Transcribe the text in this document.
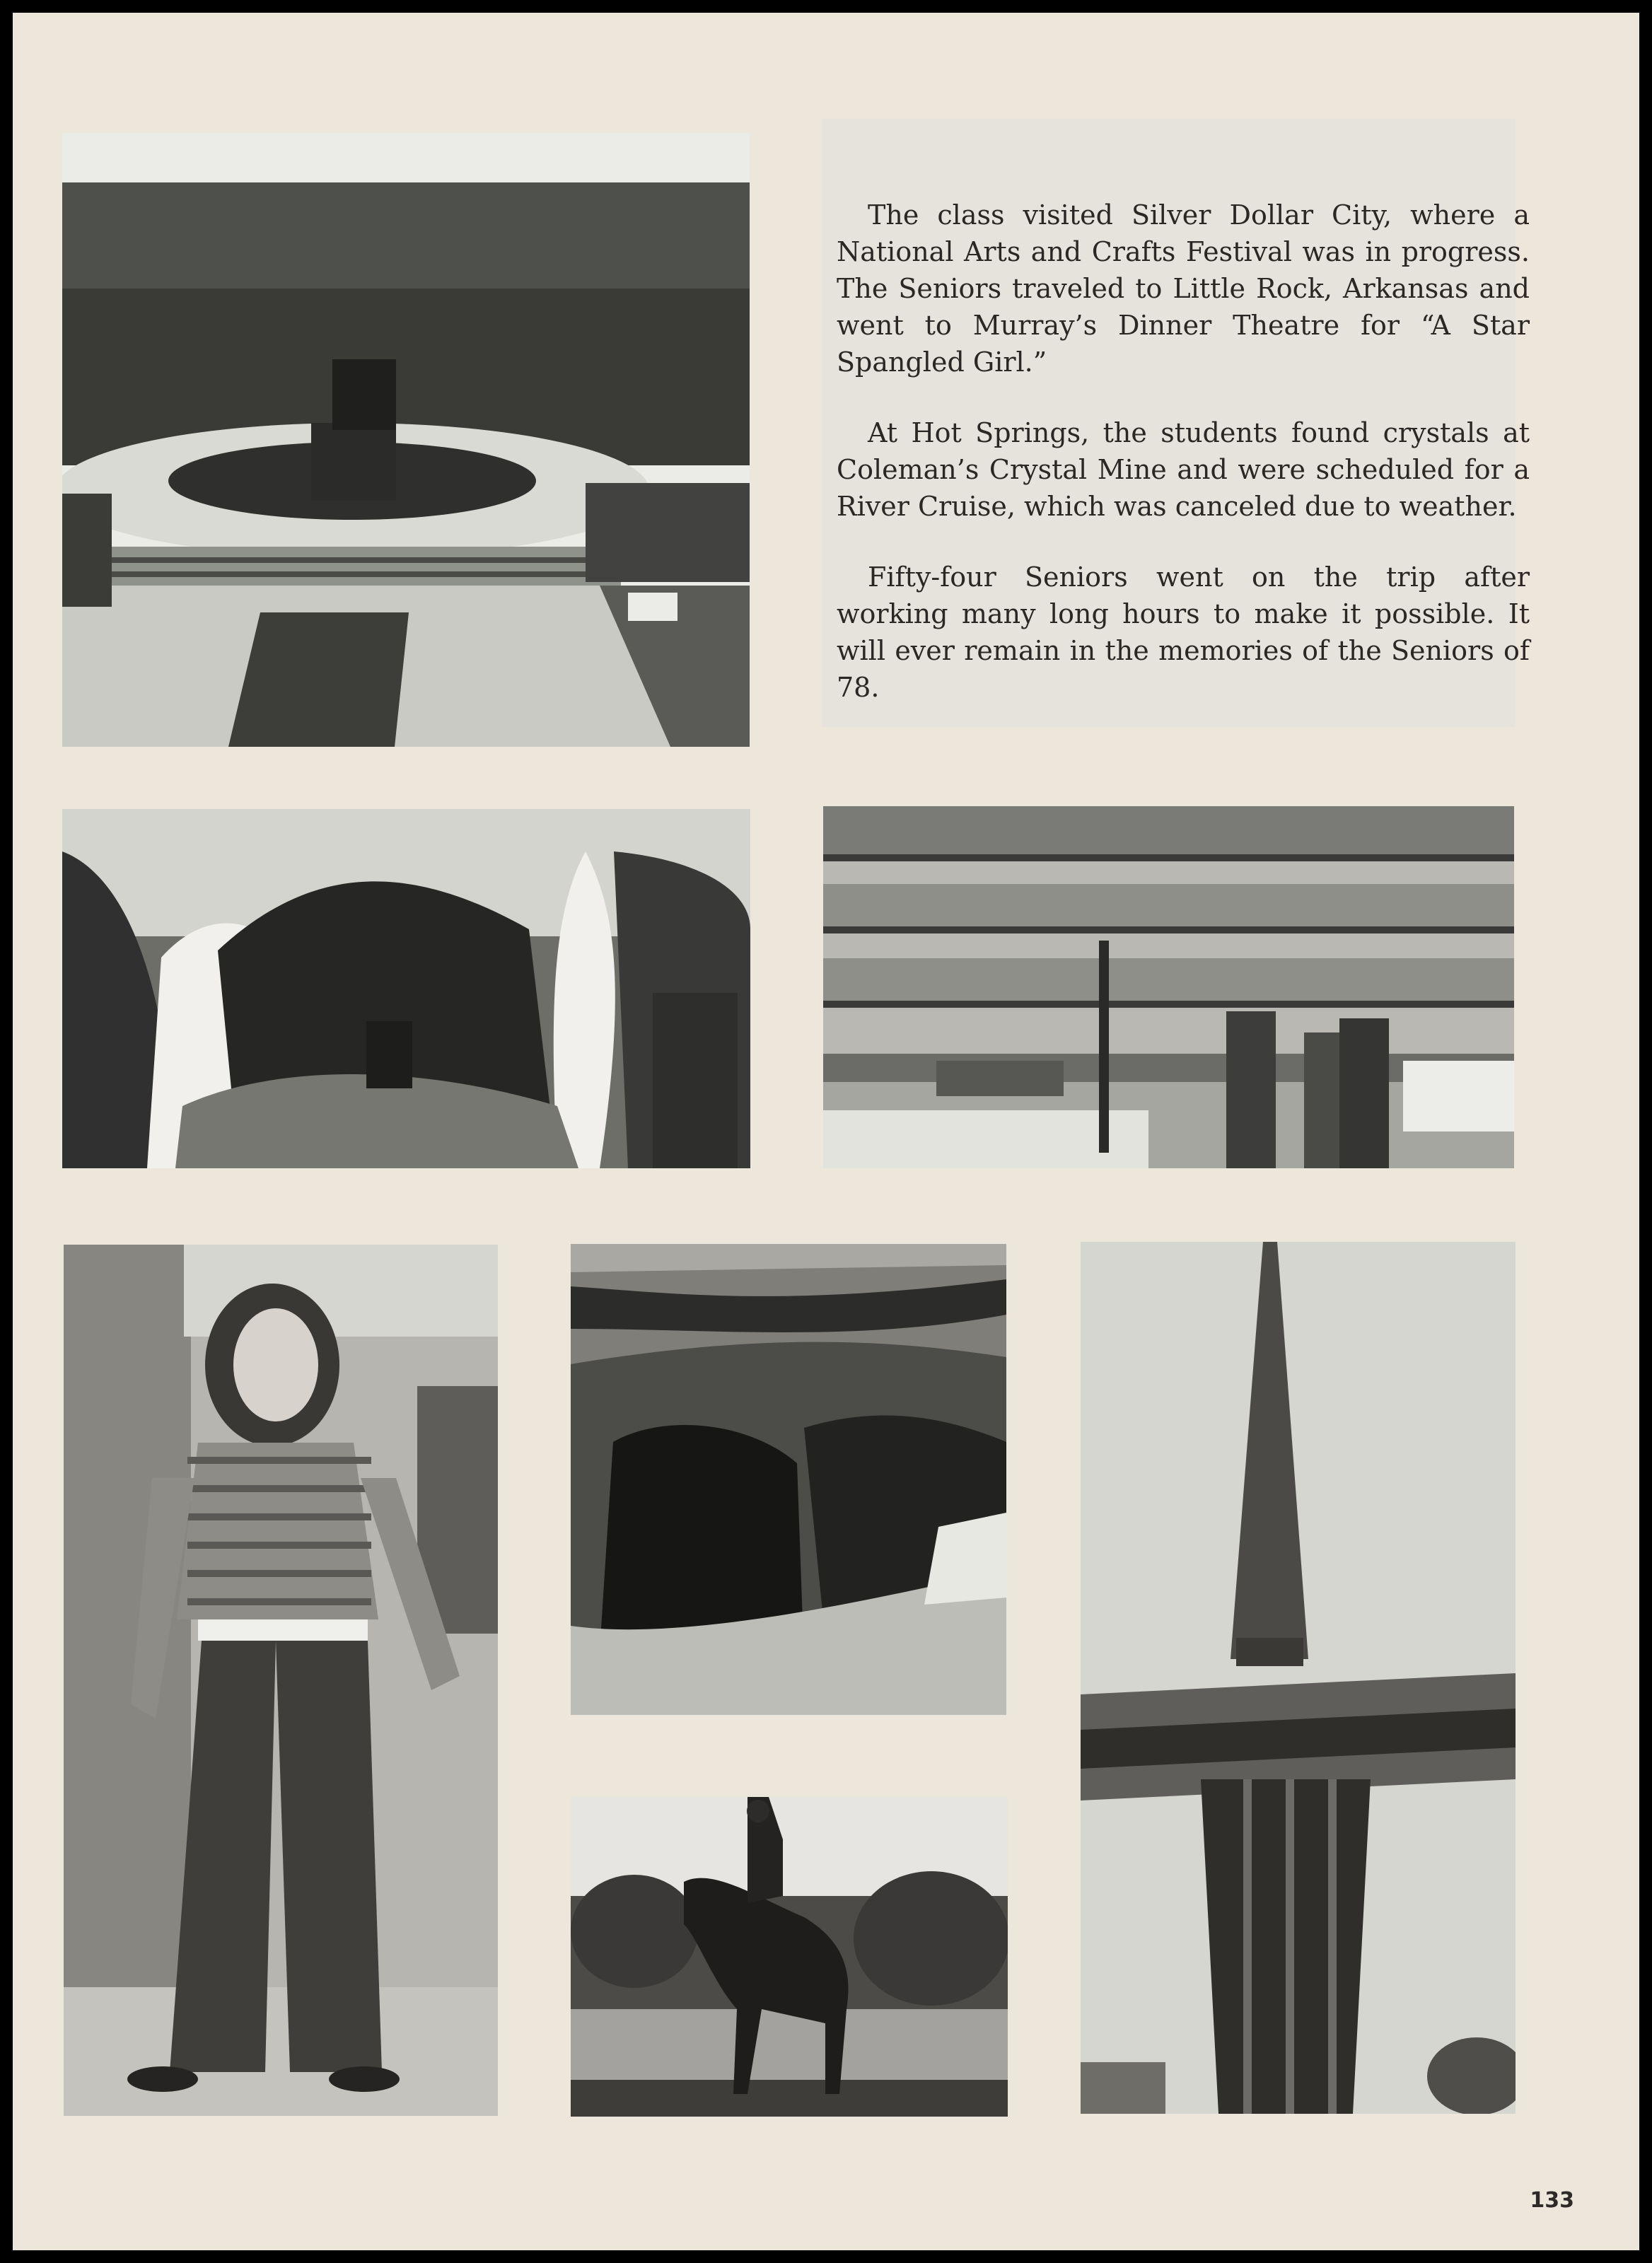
The class visited Silver Dollar City, where a National Arts and Crafts Festival was in progress. The Seniors traveled to Little Rock, Arkansas and went to Murray’s Dinner Theatre for “A Star Spangled Girl.”

At Hot Springs, the students found crystals at Coleman’s Crystal Mine and were scheduled for a River Cruise, which was canceled due to weather.

Fifty-four Seniors went on the trip after working many long hours to make it possible. It will ever remain in the memories of the Seniors of 78.

133
